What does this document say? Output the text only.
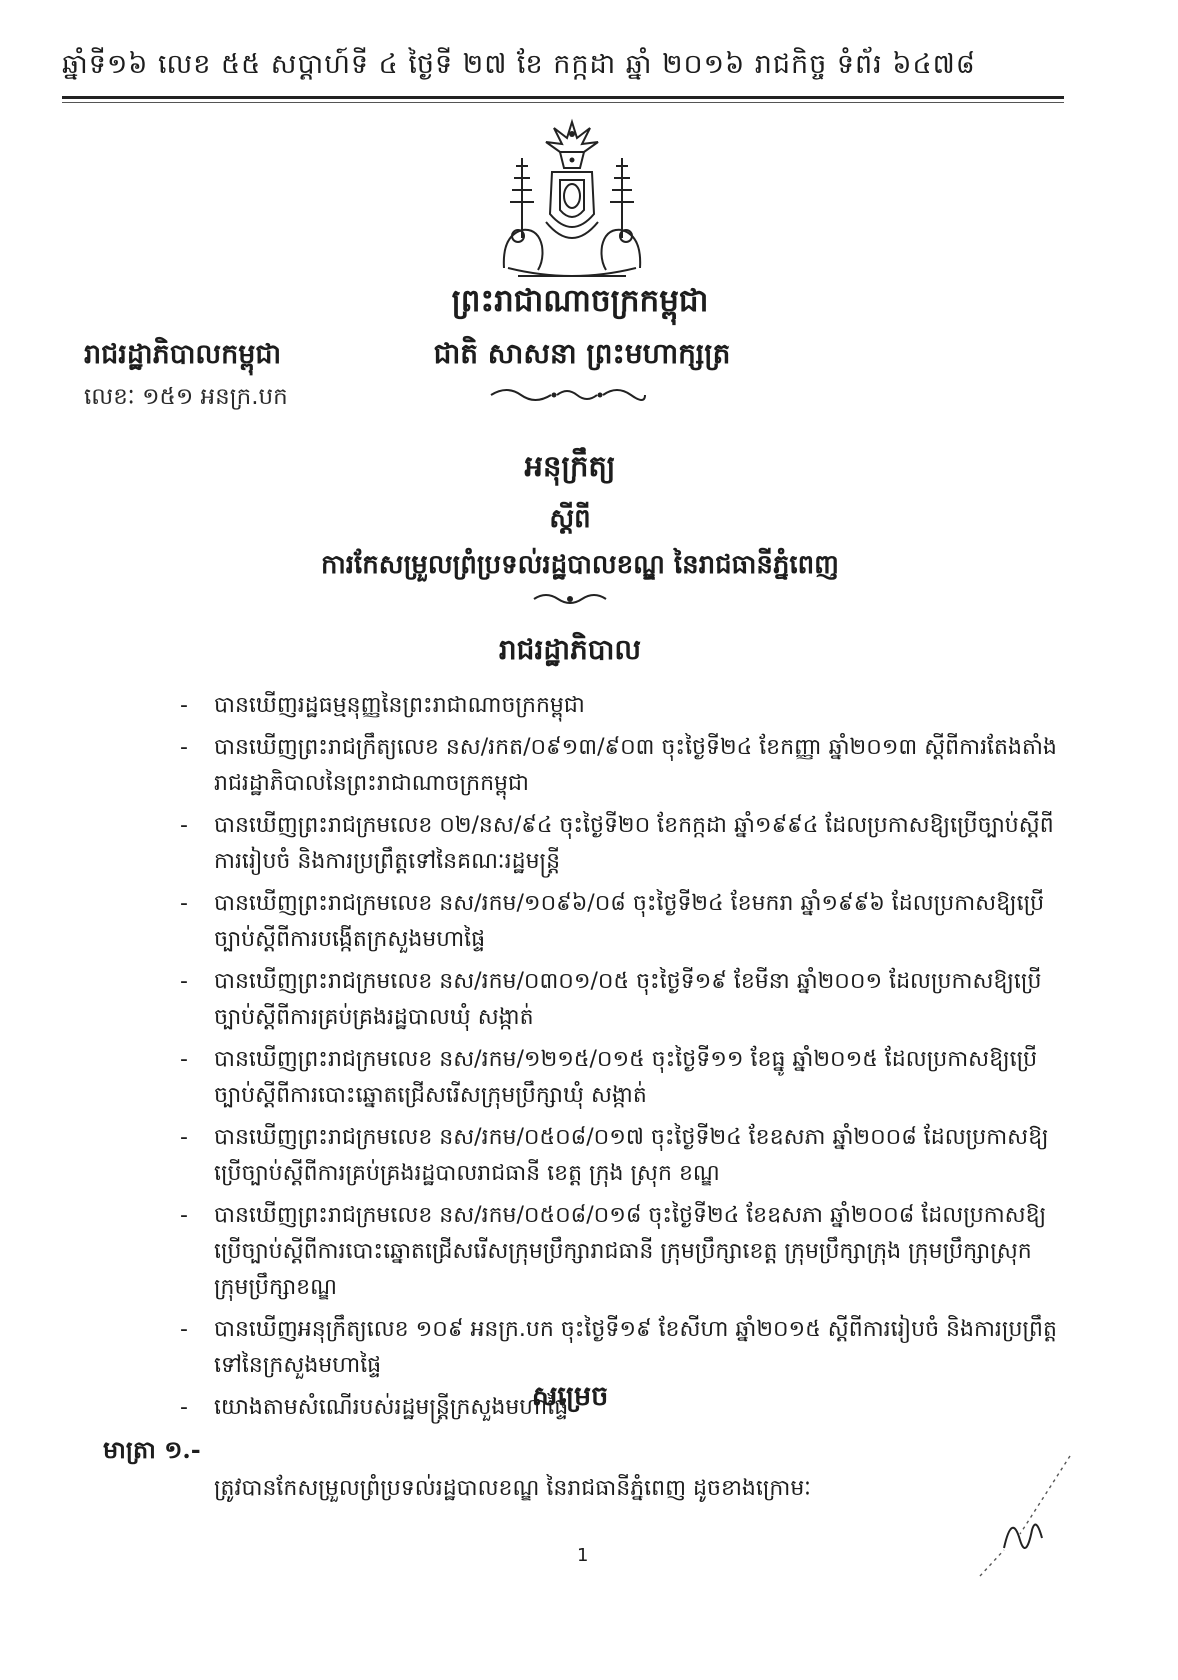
ឆ្នាំទី១៦ លេខ ៥៥ សប្ដាហ៍ទី ៤ ថ្ងៃទី ២៧ ខែ កក្កដា ឆ្នាំ ២០១៦ រាជកិច្ច ទំព័រ ៦៤៧៨
ព្រះរាជាណាចក្រកម្ពុជា
រាជរដ្ឋាភិបាលកម្ពុជា	ជាតិ សាសនា ព្រះមហាក្សត្រ
លេខៈ ១៥១ អនក្រ.បក
អនុក្រឹត្យ
ស្ដីពី
ការកែសម្រួលព្រំប្រទល់រដ្ឋបាលខណ្ឌ នៃរាជធានីភ្នំពេញ
រាជរដ្ឋាភិបាល
- បានឃើញរដ្ឋធម្មនុញ្ញនៃព្រះរាជាណាចក្រកម្ពុជា
- បានឃើញព្រះរាជក្រឹត្យលេខ នស/រកត/០៩១៣/៩០៣ ចុះថ្ងៃទី២៤ ខែកញ្ញា ឆ្នាំ២០១៣ ស្ដីពីការតែងតាំងរាជរដ្ឋាភិបាលនៃព្រះរាជាណាចក្រកម្ពុជា
- បានឃើញព្រះរាជក្រមលេខ ០២/នស/៩៤ ចុះថ្ងៃទី២០ ខែកក្កដា ឆ្នាំ១៩៩៤ ដែលប្រកាសឱ្យប្រើច្បាប់ស្ដីពីការរៀបចំ និងការប្រព្រឹត្តទៅនៃគណៈរដ្ឋមន្ត្រី
- បានឃើញព្រះរាជក្រមលេខ នស/រកម/១០៩៦/០៨ ចុះថ្ងៃទី២៤ ខែមករា ឆ្នាំ១៩៩៦ ដែលប្រកាសឱ្យប្រើច្បាប់ស្ដីពីការបង្កើតក្រសួងមហាផ្ទៃ
- បានឃើញព្រះរាជក្រមលេខ នស/រកម/០៣០១/០៥ ចុះថ្ងៃទី១៩ ខែមីនា ឆ្នាំ២០០១ ដែលប្រកាសឱ្យប្រើច្បាប់ស្ដីពីការគ្រប់គ្រងរដ្ឋបាលឃុំ សង្កាត់
- បានឃើញព្រះរាជក្រមលេខ នស/រកម/១២១៥/០១៥ ចុះថ្ងៃទី១១ ខែធ្នូ ឆ្នាំ២០១៥ ដែលប្រកាសឱ្យប្រើច្បាប់ស្ដីពីការបោះឆ្នោតជ្រើសរើសក្រុមប្រឹក្សាឃុំ សង្កាត់
- បានឃើញព្រះរាជក្រមលេខ នស/រកម/០៥០៨/០១៧ ចុះថ្ងៃទី២៤ ខែឧសភា ឆ្នាំ២០០៨ ដែលប្រកាសឱ្យប្រើច្បាប់ស្ដីពីការគ្រប់គ្រងរដ្ឋបាលរាជធានី ខេត្ត ក្រុង ស្រុក ខណ្ឌ
- បានឃើញព្រះរាជក្រមលេខ នស/រកម/០៥០៨/០១៨ ចុះថ្ងៃទី២៤ ខែឧសភា ឆ្នាំ២០០៨ ដែលប្រកាសឱ្យប្រើច្បាប់ស្ដីពីការបោះឆ្នោតជ្រើសរើសក្រុមប្រឹក្សារាជធានី ក្រុមប្រឹក្សាខេត្ត ក្រុមប្រឹក្សាក្រុង ក្រុមប្រឹក្សាស្រុក ក្រុមប្រឹក្សាខណ្ឌ
- បានឃើញអនុក្រឹត្យលេខ ១០៩ អនក្រ.បក ចុះថ្ងៃទី១៩ ខែសីហា ឆ្នាំ២០១៥ ស្ដីពីការរៀបចំ និងការប្រព្រឹត្តទៅនៃក្រសួងមហាផ្ទៃ
- យោងតាមសំណើរបស់រដ្ឋមន្ត្រីក្រសួងមហាផ្ទៃ
សម្រេច
មាត្រា ១.-
ត្រូវបានកែសម្រួលព្រំប្រទល់រដ្ឋបាលខណ្ឌ នៃរាជធានីភ្នំពេញ ដូចខាងក្រោមៈ
1
